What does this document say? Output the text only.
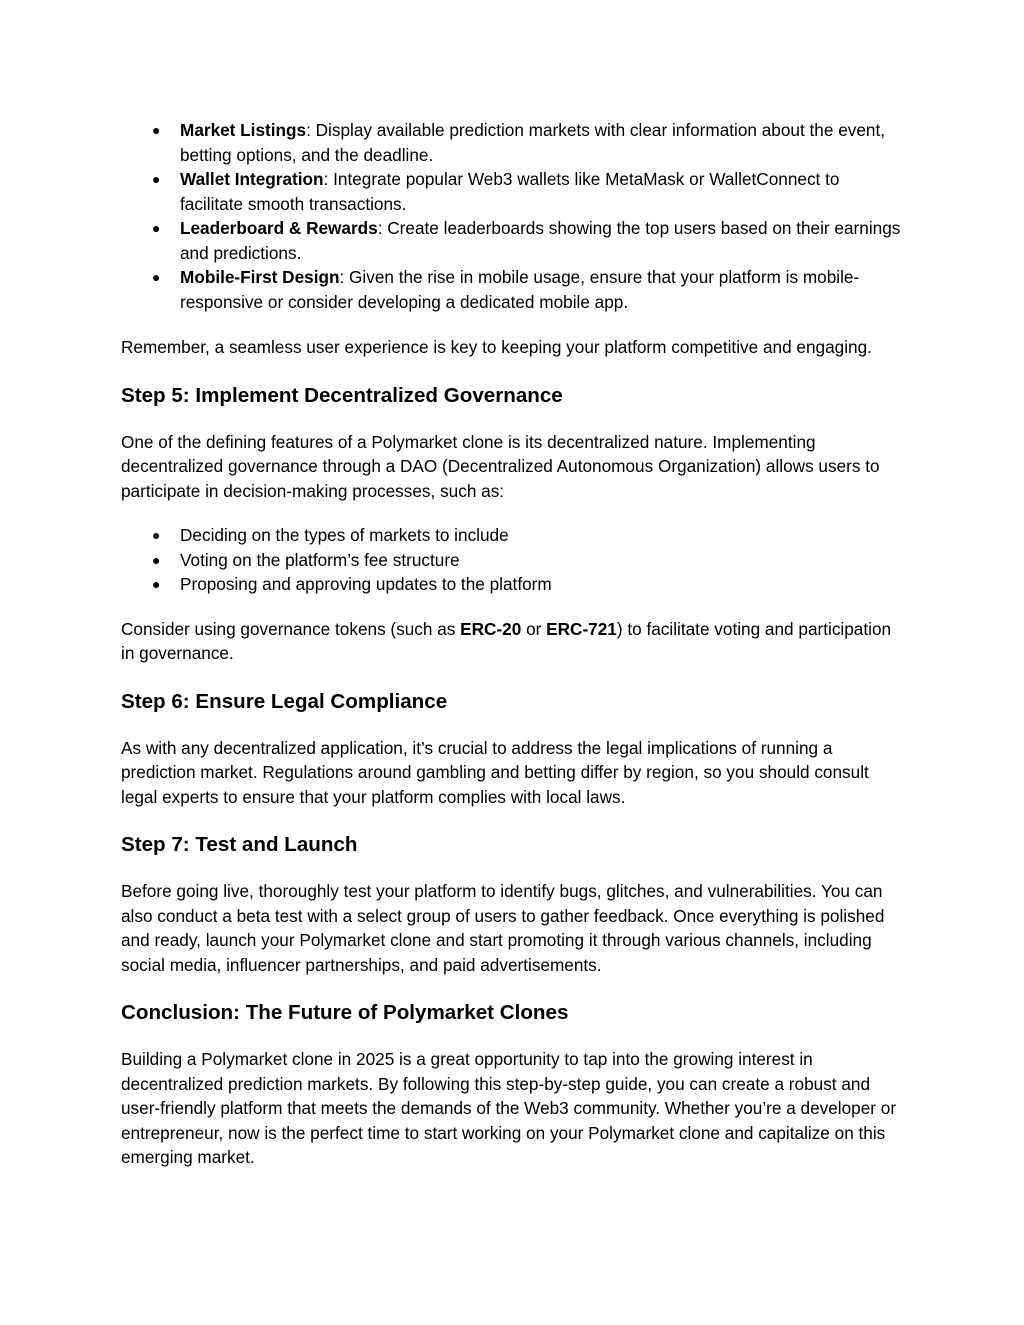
● Market Listings: Display available prediction markets with clear information about the event, betting options, and the deadline.
● Wallet Integration: Integrate popular Web3 wallets like MetaMask or WalletConnect to facilitate smooth transactions.
● Leaderboard & Rewards: Create leaderboards showing the top users based on their earnings and predictions.
● Mobile-First Design: Given the rise in mobile usage, ensure that your platform is mobile-responsive or consider developing a dedicated mobile app.

Remember, a seamless user experience is key to keeping your platform competitive and engaging.

Step 5: Implement Decentralized Governance

One of the defining features of a Polymarket clone is its decentralized nature. Implementing decentralized governance through a DAO (Decentralized Autonomous Organization) allows users to participate in decision-making processes, such as:

● Deciding on the types of markets to include
● Voting on the platform’s fee structure
● Proposing and approving updates to the platform

Consider using governance tokens (such as ERC-20 or ERC-721) to facilitate voting and participation in governance.

Step 6: Ensure Legal Compliance

As with any decentralized application, it’s crucial to address the legal implications of running a prediction market. Regulations around gambling and betting differ by region, so you should consult legal experts to ensure that your platform complies with local laws.

Step 7: Test and Launch

Before going live, thoroughly test your platform to identify bugs, glitches, and vulnerabilities. You can also conduct a beta test with a select group of users to gather feedback. Once everything is polished and ready, launch your Polymarket clone and start promoting it through various channels, including social media, influencer partnerships, and paid advertisements.

Conclusion: The Future of Polymarket Clones

Building a Polymarket clone in 2025 is a great opportunity to tap into the growing interest in decentralized prediction markets. By following this step-by-step guide, you can create a robust and user-friendly platform that meets the demands of the Web3 community. Whether you’re a developer or entrepreneur, now is the perfect time to start working on your Polymarket clone and capitalize on this emerging market.
